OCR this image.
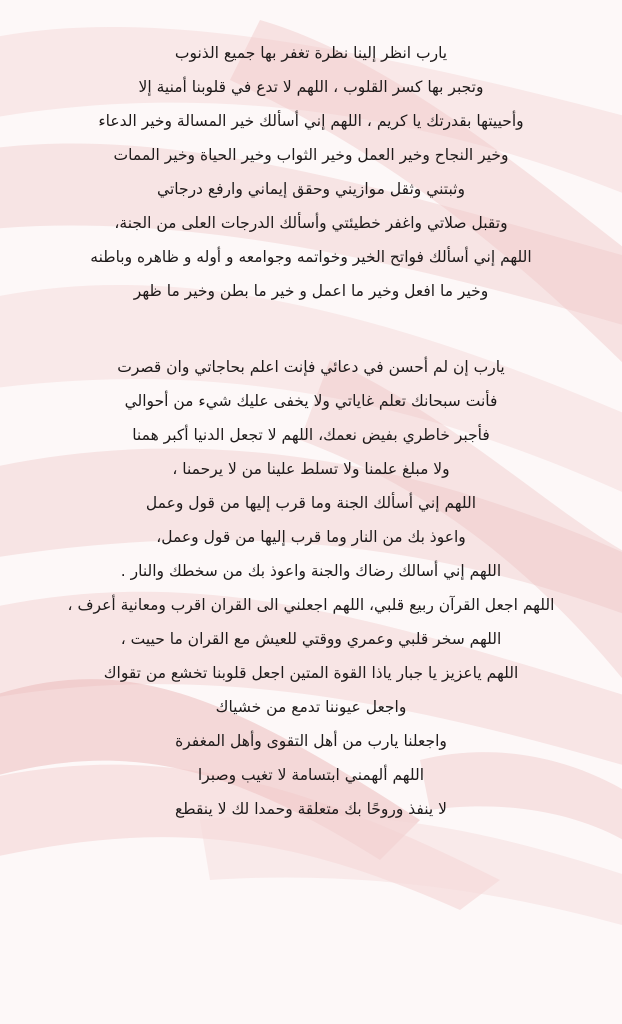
يارب انظر إلينا نظرة تغفر بها جميع الذنوب
وتجبر بها كسر القلوب ، اللهم لا تدع في قلوبنا أمنية إلا
وأحييتها بقدرتك يا كريم ، اللهم إني أسألك خير المسالة وخير الدعاء
وخير النجاح وخير العمل وخير الثواب وخير الحياة وخير الممات
وثبتني وثقل موازيني وحقق إيماني وارفع درجاتي
وتقبل صلاتي واغفر خطيئتي وأسألك الدرجات العلى من الجنة،
اللهم إني أسألك فواتح الخير وخواتمه وجوامعه و أوله و ظاهره وباطنه
وخير ما افعل وخير ما اعمل و خير ما بطن وخير ما ظهر
يارب إن لم أحسن في دعائي فإنت اعلم بحاجاتي وان قصرت
فأنت سبحانك تعلم غاياتي ولا يخفى عليك شيء من أحوالي
فأجبر خاطري بفيض نعمك، اللهم لا تجعل الدنيا أكبر همنا
ولا مبلغ علمنا ولا تسلط علينا من لا يرحمنا ،
اللهم إني أسألك الجنة وما قرب إليها من قول وعمل
واعوذ بك من النار وما قرب إليها من قول وعمل،
اللهم إني أسالك رضاك والجنة واعوذ بك من سخطك والنار .
اللهم اجعل القرآن ربيع قلبي، اللهم اجعلني الى القران اقرب ومعانية أعرف ،
اللهم سخر قلبي وعمري ووقتي للعيش مع القران ما حييت ،
اللهم ياعزيز يا جبار ياذا القوة المتين اجعل قلوبنا تخشع من تقواك
واجعل عيوننا تدمع من خشياك
واجعلنا يارب من أهل التقوى وأهل المغفرة
اللهم ألهمني ابتسامة لا تغيب وصبرا
لا ينفذ وروحًا بك متعلقة وحمدا لك لا ينقطع
